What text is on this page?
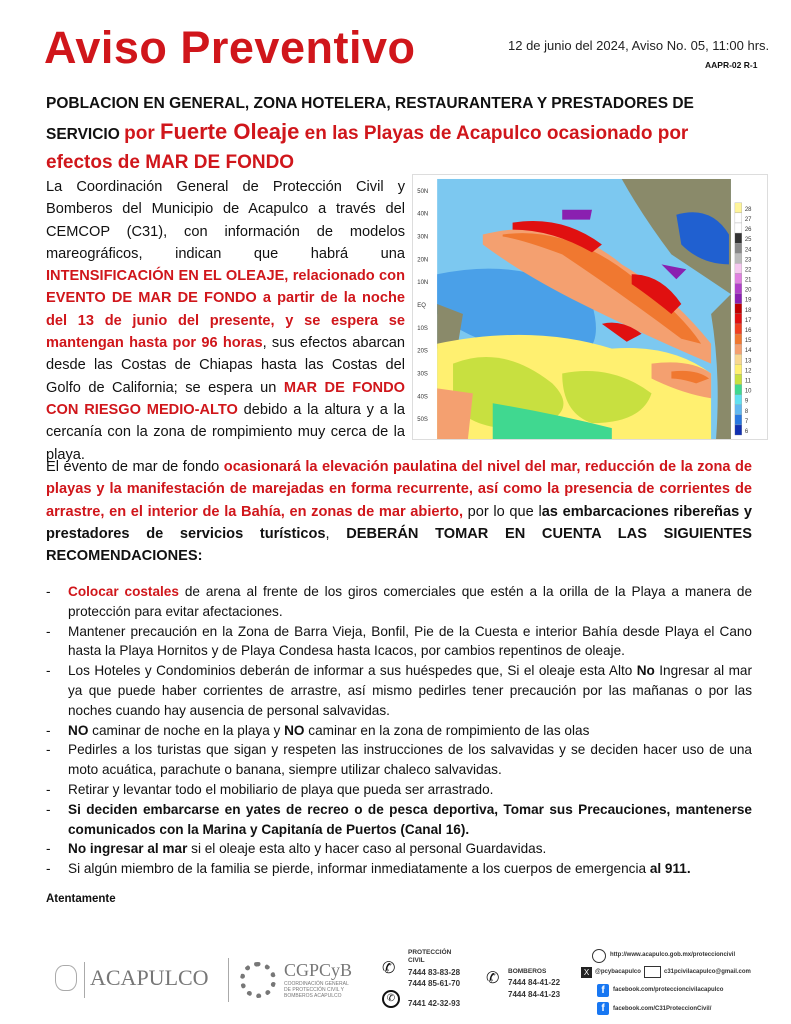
Aviso Preventivo	12 de junio del 2024, Aviso No. 05, 11:00 hrs.
AAPR-02 R-1
POBLACION EN GENERAL, ZONA HOTELERA, RESTAURANTERA Y PRESTADORES DE SERVICIO por Fuerte Oleaje en las Playas de Acapulco ocasionado por efectos de MAR DE FONDO
La Coordinación General de Protección Civil y Bomberos del Municipio de Acapulco a través del CEMCOP (C31), con información de modelos mareográficos, indican que habrá una INTENSIFICACIÓN EN EL OLEAJE, relacionado con EVENTO DE MAR DE FONDO a partir de la noche del 13 de junio del presente, y se espera se mantengan hasta por 96 horas, sus efectos abarcan desde las Costas de Chiapas hasta las Costas del Golfo de California; se espera un MAR DE FONDO CON RIESGO MEDIO-ALTO debido a la altura y a la cercanía con la zona de rompimiento muy cerca de la playa.
50N
40N
30N
20N
10N
EQ
10S
20S
30S
40S
50S
28
27
26
25
24
23
22
21
20
19
18
17
16
15
14
13
12
11
10
9
8
7
6
El evento de mar de fondo ocasionará la elevación paulatina del nivel del mar, reducción de la zona de playas y la manifestación de marejadas en forma recurrente, así como la presencia de corrientes de arrastre, en el interior de la Bahía, en zonas de mar abierto, por lo que las embarcaciones ribereñas y prestadores de servicios turísticos, DEBERÁN TOMAR EN CUENTA LAS SIGUIENTES RECOMENDACIONES:
- Colocar costales de arena al frente de los giros comerciales que estén a la orilla de la Playa a manera de protección para evitar afectaciones.
- Mantener precaución en la Zona de Barra Vieja, Bonfil, Pie de la Cuesta e interior Bahía desde Playa el Cano hasta la Playa Hornitos y de Playa Condesa hasta Icacos, por cambios repentinos de oleaje.
- Los Hoteles y Condominios deberán de informar a sus huéspedes que, Si el oleaje esta Alto No Ingresar al mar ya que puede haber corrientes de arrastre, así mismo pedirles tener precaución por las mañanas o por las noches cuando hay ausencia de personal salvavidas.
- NO caminar de noche en la playa y NO caminar en la zona de rompimiento de las olas
- Pedirles a los turistas que sigan y respeten las instrucciones de los salvavidas y se deciden hacer uso de una moto acuática, parachute o banana, siempre utilizar chaleco salvavidas.
- Retirar y levantar todo el mobiliario de playa que pueda ser arrastrado.
- Si deciden embarcarse en yates de recreo o de pesca deportiva, Tomar sus Precauciones, mantenerse comunicados con la Marina y Capitanía de Puertos (Canal 16).
- No ingresar al mar si el oleaje esta alto y hacer caso al personal Guardavidas.
- Si algún miembro de la familia se pierde, informar inmediatamente a los cuerpos de emergencia al 911.
Atentamente
ACAPULCO	CGPCyB
COORDINACIÓN GENERAL DE PROTECCIÓN CIVIL Y BOMBEROS ACAPULCO
✆
PROTECCIÓN CIVIL
7444 83-83-28
7444 85-61-70
✆	7441 42-32-93
✆ BOMBEROS
7444 84-41-22
7444 84-41-23
http://www.acapulco.gob.mx/proteccioncivil
X @pcybacapulco	c31pcivilacapulco@gmail.com
f	facebook.com/proteccioncivilacapulco
f	facebook.com/C31ProteccionCivil/
